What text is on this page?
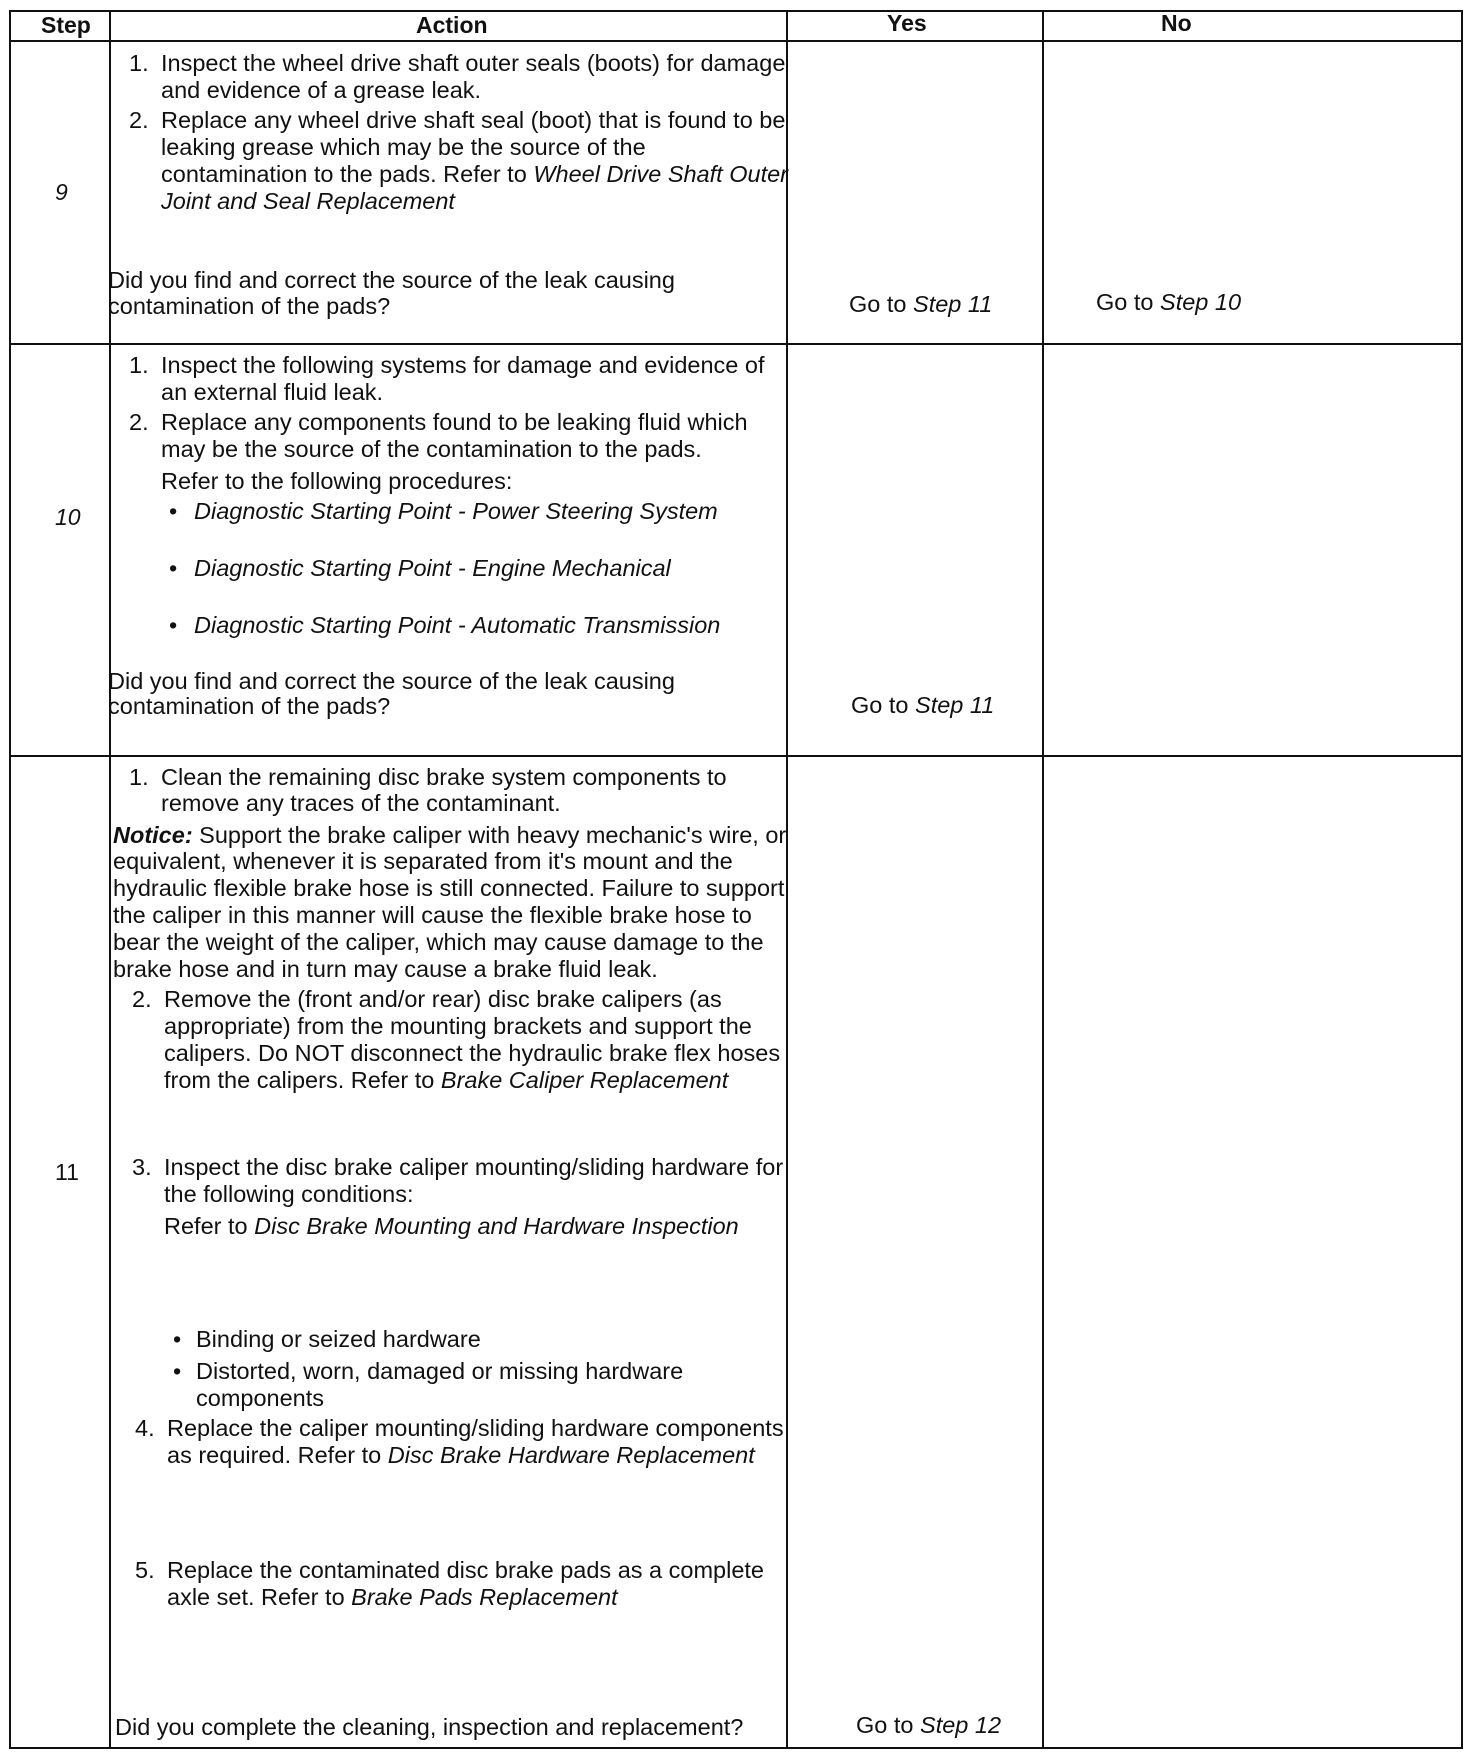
Step	Action	Yes	No
9
1. Inspect the wheel drive shaft outer seals (boots) for damage
and evidence of a grease leak.
2. Replace any wheel drive shaft seal (boot) that is found to be
leaking grease which may be the source of the
contamination to the pads. Refer to Wheel Drive Shaft Outer
Joint and Seal Replacement
Did you find and correct the source of the leak causing
contamination of the pads?	Go to Step 11	Go to Step 10
10
1. Inspect the following systems for damage and evidence of
an external fluid leak.
2. Replace any components found to be leaking fluid which
may be the source of the contamination to the pads.
Refer to the following procedures:
• Diagnostic Starting Point - Power Steering System
• Diagnostic Starting Point - Engine Mechanical
• Diagnostic Starting Point - Automatic Transmission
Did you find and correct the source of the leak causing
contamination of the pads?	Go to Step 11
11
1. Clean the remaining disc brake system components to
remove any traces of the contaminant.
Notice: Support the brake caliper with heavy mechanic's wire, or
equivalent, whenever it is separated from it's mount and the
hydraulic flexible brake hose is still connected. Failure to support
the caliper in this manner will cause the flexible brake hose to
bear the weight of the caliper, which may cause damage to the
brake hose and in turn may cause a brake fluid leak.
2. Remove the (front and/or rear) disc brake calipers (as
appropriate) from the mounting brackets and support the
calipers. Do NOT disconnect the hydraulic brake flex hoses
from the calipers. Refer to Brake Caliper Replacement
3. Inspect the disc brake caliper mounting/sliding hardware for
the following conditions:
Refer to Disc Brake Mounting and Hardware Inspection
• Binding or seized hardware
• Distorted, worn, damaged or missing hardware
components
4. Replace the caliper mounting/sliding hardware components
as required. Refer to Disc Brake Hardware Replacement
5. Replace the contaminated disc brake pads as a complete
axle set. Refer to Brake Pads Replacement
Did you complete the cleaning, inspection and replacement?	Go to Step 12
